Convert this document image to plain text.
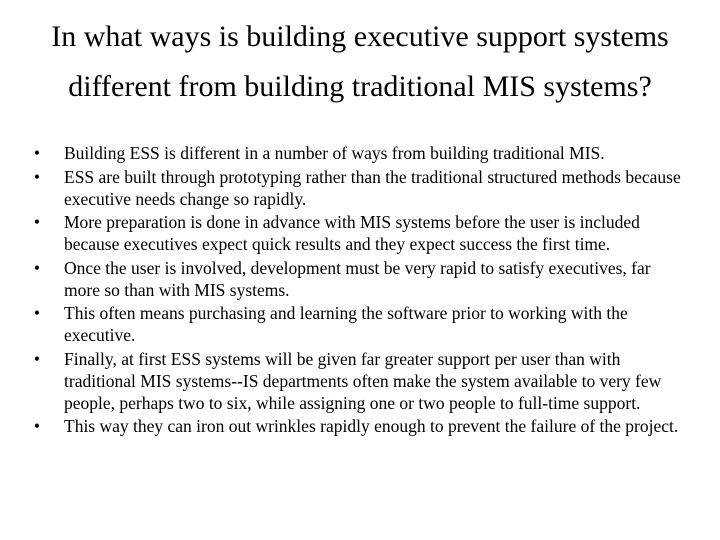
In what ways is building executive support systems
different from building traditional MIS systems?
• Building ESS is different in a number of ways from building traditional MIS.
• ESS are built through prototyping rather than the traditional structured methods because executive needs change so rapidly.
• More preparation is done in advance with MIS systems before the user is included because executives expect quick results and they expect success the first time.
• Once the user is involved, development must be very rapid to satisfy executives, far more so than with MIS systems.
• This often means purchasing and learning the software prior to working with the executive.
• Finally, at first ESS systems will be given far greater support per user than with traditional MIS systems--IS departments often make the system available to very few people, perhaps two to six, while assigning one or two people to full-time support.
• This way they can iron out wrinkles rapidly enough to prevent the failure of the project.
